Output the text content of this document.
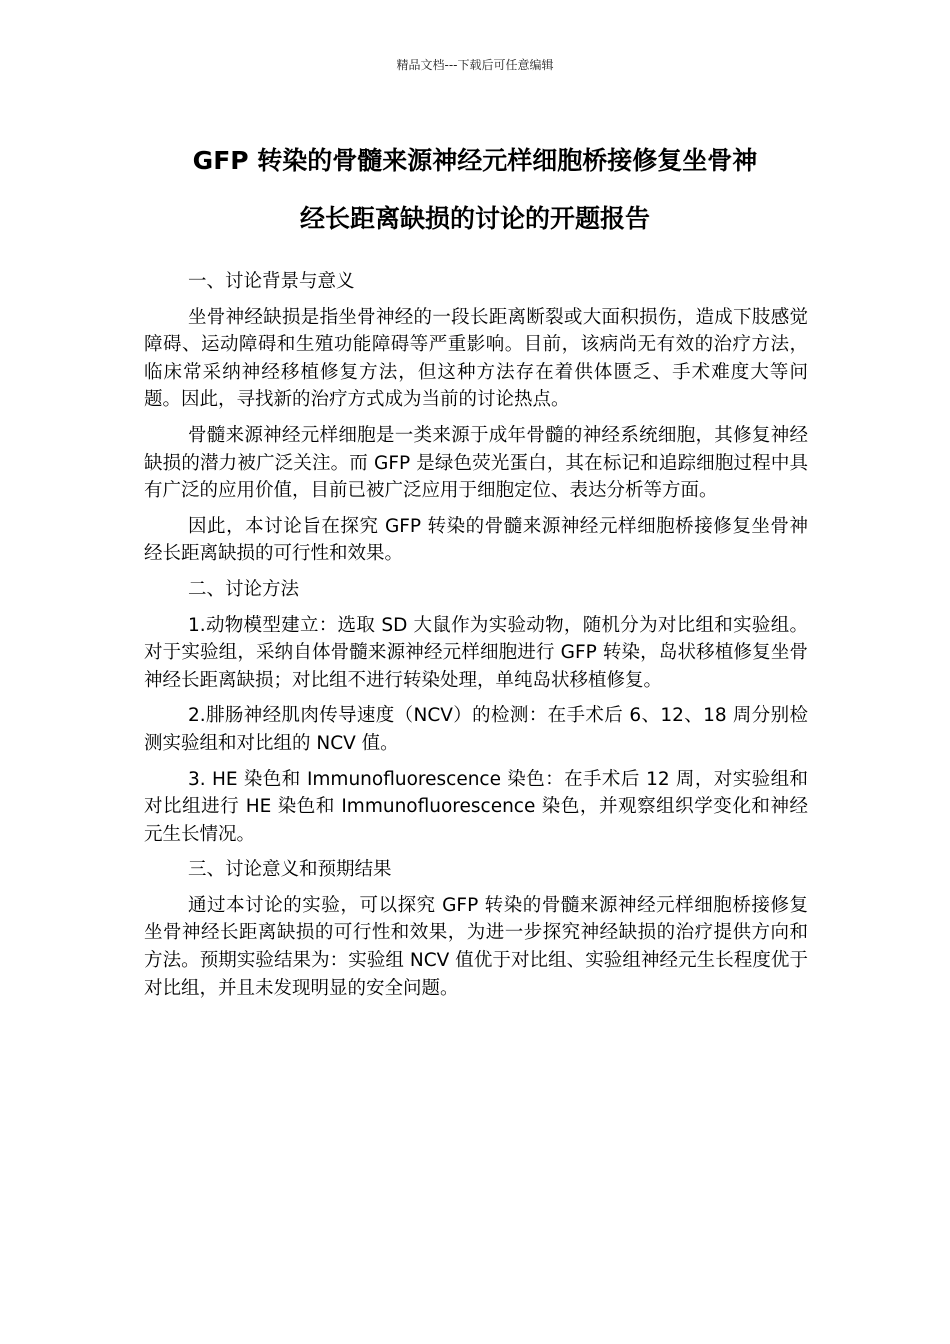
精品文档---下载后可任意编辑
GFP 转染的骨髓来源神经元样细胞桥接修复坐骨神
经长距离缺损的讨论的开题报告

一、讨论背景与意义

坐骨神经缺损是指坐骨神经的一段长距离断裂或大面积损伤，造成下肢感觉障碍、运动障碍和生殖功能障碍等严重影响。目前，该病尚无有效的治疗方法，临床常采纳神经移植修复方法，但这种方法存在着供体匮乏、手术难度大等问题。因此，寻找新的治疗方式成为当前的讨论热点。

骨髓来源神经元样细胞是一类来源于成年骨髓的神经系统细胞，其修复神经缺损的潜力被广泛关注。而 GFP 是绿色荧光蛋白，其在标记和追踪细胞过程中具有广泛的应用价值，目前已被广泛应用于细胞定位、表达分析等方面。

因此，本讨论旨在探究 GFP 转染的骨髓来源神经元样细胞桥接修复坐骨神经长距离缺损的可行性和效果。

二、讨论方法

1.动物模型建立：选取 SD 大鼠作为实验动物，随机分为对比组和实验组。对于实验组，采纳自体骨髓来源神经元样细胞进行 GFP 转染，岛状移植修复坐骨神经长距离缺损；对比组不进行转染处理，单纯岛状移植修复。

2.腓肠神经肌肉传导速度（NCV）的检测：在手术后 6、12、18 周分别检测实验组和对比组的 NCV 值。

3. HE 染色和 Immunofluorescence 染色：在手术后 12 周，对实验组和对比组进行 HE 染色和 Immunofluorescence 染色，并观察组织学变化和神经元生长情况。

三、讨论意义和预期结果

通过本讨论的实验，可以探究 GFP 转染的骨髓来源神经元样细胞桥接修复坐骨神经长距离缺损的可行性和效果，为进一步探究神经缺损的治疗提供方向和方法。预期实验结果为：实验组 NCV 值优于对比组、实验组神经元生长程度优于对比组，并且未发现明显的安全问题。
